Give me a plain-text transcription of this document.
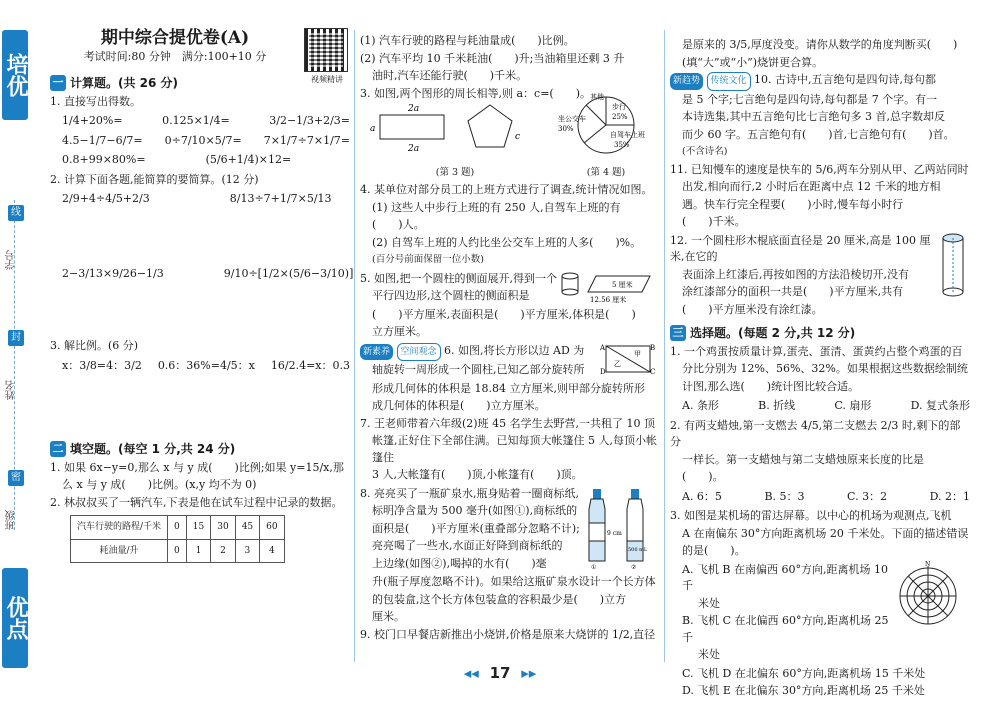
培优
线
学号
封
姓名
密
班级
优点
期中综合提优卷(A)
考试时间:80 分钟　满分:100+10 分
视频精讲
一 计算题。(共 26 分)
1. 直接写出得数。
1/4+20%=	0.125×1/4=	3/2−1/3+2/3=
4.5−1/7−6/7= 0÷7/10×5/7= 7×1/7÷7×1/7=
0.8+99×80%=	(5/6+1/4)×12=
2. 计算下面各题,能简算的要简算。(12 分)
2/9+4÷4/5+2/3	8/13÷7+1/7×5/13
2−3/13×9/26−1/3	9/10÷[1/2×(5/6−3/10)]
3. 解比例。(6 分)
x：3/8=4：3/2 0.6：36%=4/5：x 16/2.4=x：0.3
二 填空题。(每空 1 分,共 24 分)
1. 如果 6x−y=0,那么 x 与 y 成(　　)比例;如果 y=15/x,那
么 x 与 y 成(　　)比例。(x,y 均不为 0)
2. 林叔叔买了一辆汽车,下表是他在试车过程中记录的数据。
汽车行驶的路程/千米	0	15	30	45	60
耗油量/升	0	1	2	3	4
(1) 汽车行驶的路程与耗油量成(　　)比例。
(2) 汽车平均 10 千米耗油(　　)升;当油箱里还剩 3 升
油时,汽车还能行驶(　　)千米。
3. 如图,两个图形的周长相等,则 a：c=(　　)。
2a
a
2a
c
(第 3 题)
其他
步行
25%
坐公交车
30%
自驾车上班
35%
(第 4 题)
4. 某单位对部分员工的上班方式进行了调查,统计情况如图。
(1) 这些人中步行上班的有 250 人,自驾车上班的有
(　　)人。
(2) 自驾车上班的人约比坐公交车上班的人多(　　)%。
(百分号前面保留一位小数)
5. 如图,把一个圆柱的侧面展开,得到一个
平行四边形,这个圆柱的侧面积是
5 厘米
12.56 厘米
(　　)平方厘米,表面积是(　　)平方厘米,体积是(　　)
立方厘米。
新素养 空间观念 6. 如图,将长方形以边 AD 为
轴旋转一周形成一个圆柱,已知乙部分旋转所
A
乙
甲
B
C
D
形成几何体的体积是 18.84 立方厘米,则甲部分旋转所形
成几何体的体积是(　　)立方厘米。
7. 王老师带着六年级(2)班 45 名学生去野营,一共租了 10 顶
帐篷,正好住下全部住满。已知每顶大帐篷住 5 人,每顶小帐篷住
3 人,大帐篷有(　　)顶,小帐篷有(　　)顶。
8. 亮亮买了一瓶矿泉水,瓶身贴着一圈商标纸,
标明净含量为 500 毫升(如图①),商标纸的
面积是(　　)平方厘米(重叠部分忽略不计);
亮亮喝了一些水,水面正好降到商标纸的
上边缘(如图②),喝掉的水有(　　)毫
9 cm
①
500 mL
②
升(瓶子厚度忽略不计)。如果给这瓶矿泉水设计一个长方体
的包装盒,这个长方体包装盒的容积最少是(　　)立方
厘米。
9. 校门口早餐店新推出小烧饼,价格是原来大烧饼的 1/2,直径
是原来的 3/5,厚度没变。请你从数学的角度判断买(　　)
(填“大”或“小”)烧饼更合算。
新趋势 传统文化 10. 古诗中,五言绝句是四句诗,每句都
是 5 个字;七言绝句是四句诗,每句都是 7 个字。有一
本诗选集,其中五言绝句比七言绝句多 3 首,总字数却反
而少 60 字。五言绝句有(　　)首,七言绝句有(　　)首。
(不含诗名)
11. 已知慢车的速度是快车的 5/6,两车分别从甲、乙两站同时
出发,相向而行,2 小时后在距离中点 12 千米的地方相
遇。快车行完全程要(　　)小时,慢车每小时行
(　　)千米。
12. 一个圆柱形木棍底面直径是 20 厘米,高是 100 厘米,在它的
表面涂上红漆后,再按如图的方法沿棱切开,没有
涂红漆部分的面积一共是(　　)平方厘米,共有
(　　)平方厘米没有涂红漆。
三 选择题。(每题 2 分,共 12 分)
1. 一个鸡蛋按质量计算,蛋壳、蛋清、蛋黄约占整个鸡蛋的百
分比分别为 12%、56%、32%。如果根据这些数据绘制统
计图,那么选(　　)统计图比较合适。
A. 条形	B. 折线	C. 扇形	D. 复式条形
2. 有两支蜡烛,第一支燃去 4/5,第二支燃去 2/3 时,剩下的部分
一样长。第一支蜡烛与第二支蜡烛原来长度的比是
(　　)。
A. 6：5	B. 5：3	C. 3：2	D. 2：1
3. 如图是某机场的雷达屏幕。以中心的机场为观测点,飞机
A 在南偏东 30°方向距离机场 20 千米处。下面的描述错误
的是(　　)。
A. 飞机 B 在南偏西 60°方向,距离机场 10 千
米处
B. 飞机 C 在北偏西 60°方向,距离机场 25 千
米处
N
C. 飞机 D 在北偏东 60°方向,距离机场 15 千米处
D. 飞机 E 在北偏东 30°方向,距离机场 25 千米处
◂◂ 17 ▸▸
